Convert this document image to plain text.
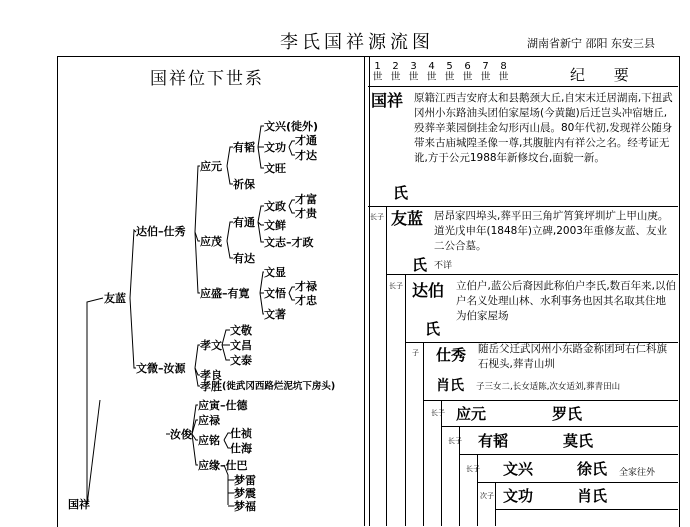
李氏国祥源流图	湖南省新宁 邵阳 东安三县
国祥位下世系
国祥
友蓝
达伯–仕秀
文微–汝源
汝俊
应元
应茂
应盛–有寛
有韬
祈保
文兴(徙外)
文功
文旺
才通
才达
有通
有达
文政
文鲜
文志–才政
才富
才贵
文显
文悟
文著
才禄
才忠
孝文
文敬
文昌
文泰
孝良
孝胜 (徙武冈西路烂泥坑下房头)
应寅–仕德
应禄
应铭
仕祯
仕海
应缘–仕巴
梦雷
梦震
梦福
1
世
2
世
3
世
4
世
5
世
6
世
7
世
8
世	纪 要
国祥
氏
原籍江西吉安府太和县鹅颈大丘,自宋末迁居湖南,下扭武冈州小东路油头团伯家屋场(今黄龅)后迁岂头冲宿塘丘,殁葬辛莱园倒挂金勾形丙山晨。80年代初,发现祥公随身带来古庙城隍圣像一尊,其腹脏内有祥公之名。经考证无讹,方于公元1988年新修坟台,面貌一新。
长子 友蓝
氏
居昂家四埠头,葬平田三角圹筲箕坪圳圹上甲山庚。道光戊申年(1848年)立碑,2003年重修友蓝、友业二公合墓。
不详
长子 达伯
氏
立伯户,蓝公后裔因此称伯户李氏,数百年来,以伯户名义处理山林、水利事务也因其名取其住地为伯家屋场
子 仕秀
肖氏
随岳父迁武冈州小东路金称团珂右仁科旗石枧头,葬青山圳
子三女二,长女适陈,次女适刘,葬青田山
长子 应元	罗氏
长子 有韬	莫氏
长子 文兴	徐氏 全家往外
次子 文功	肖氏
